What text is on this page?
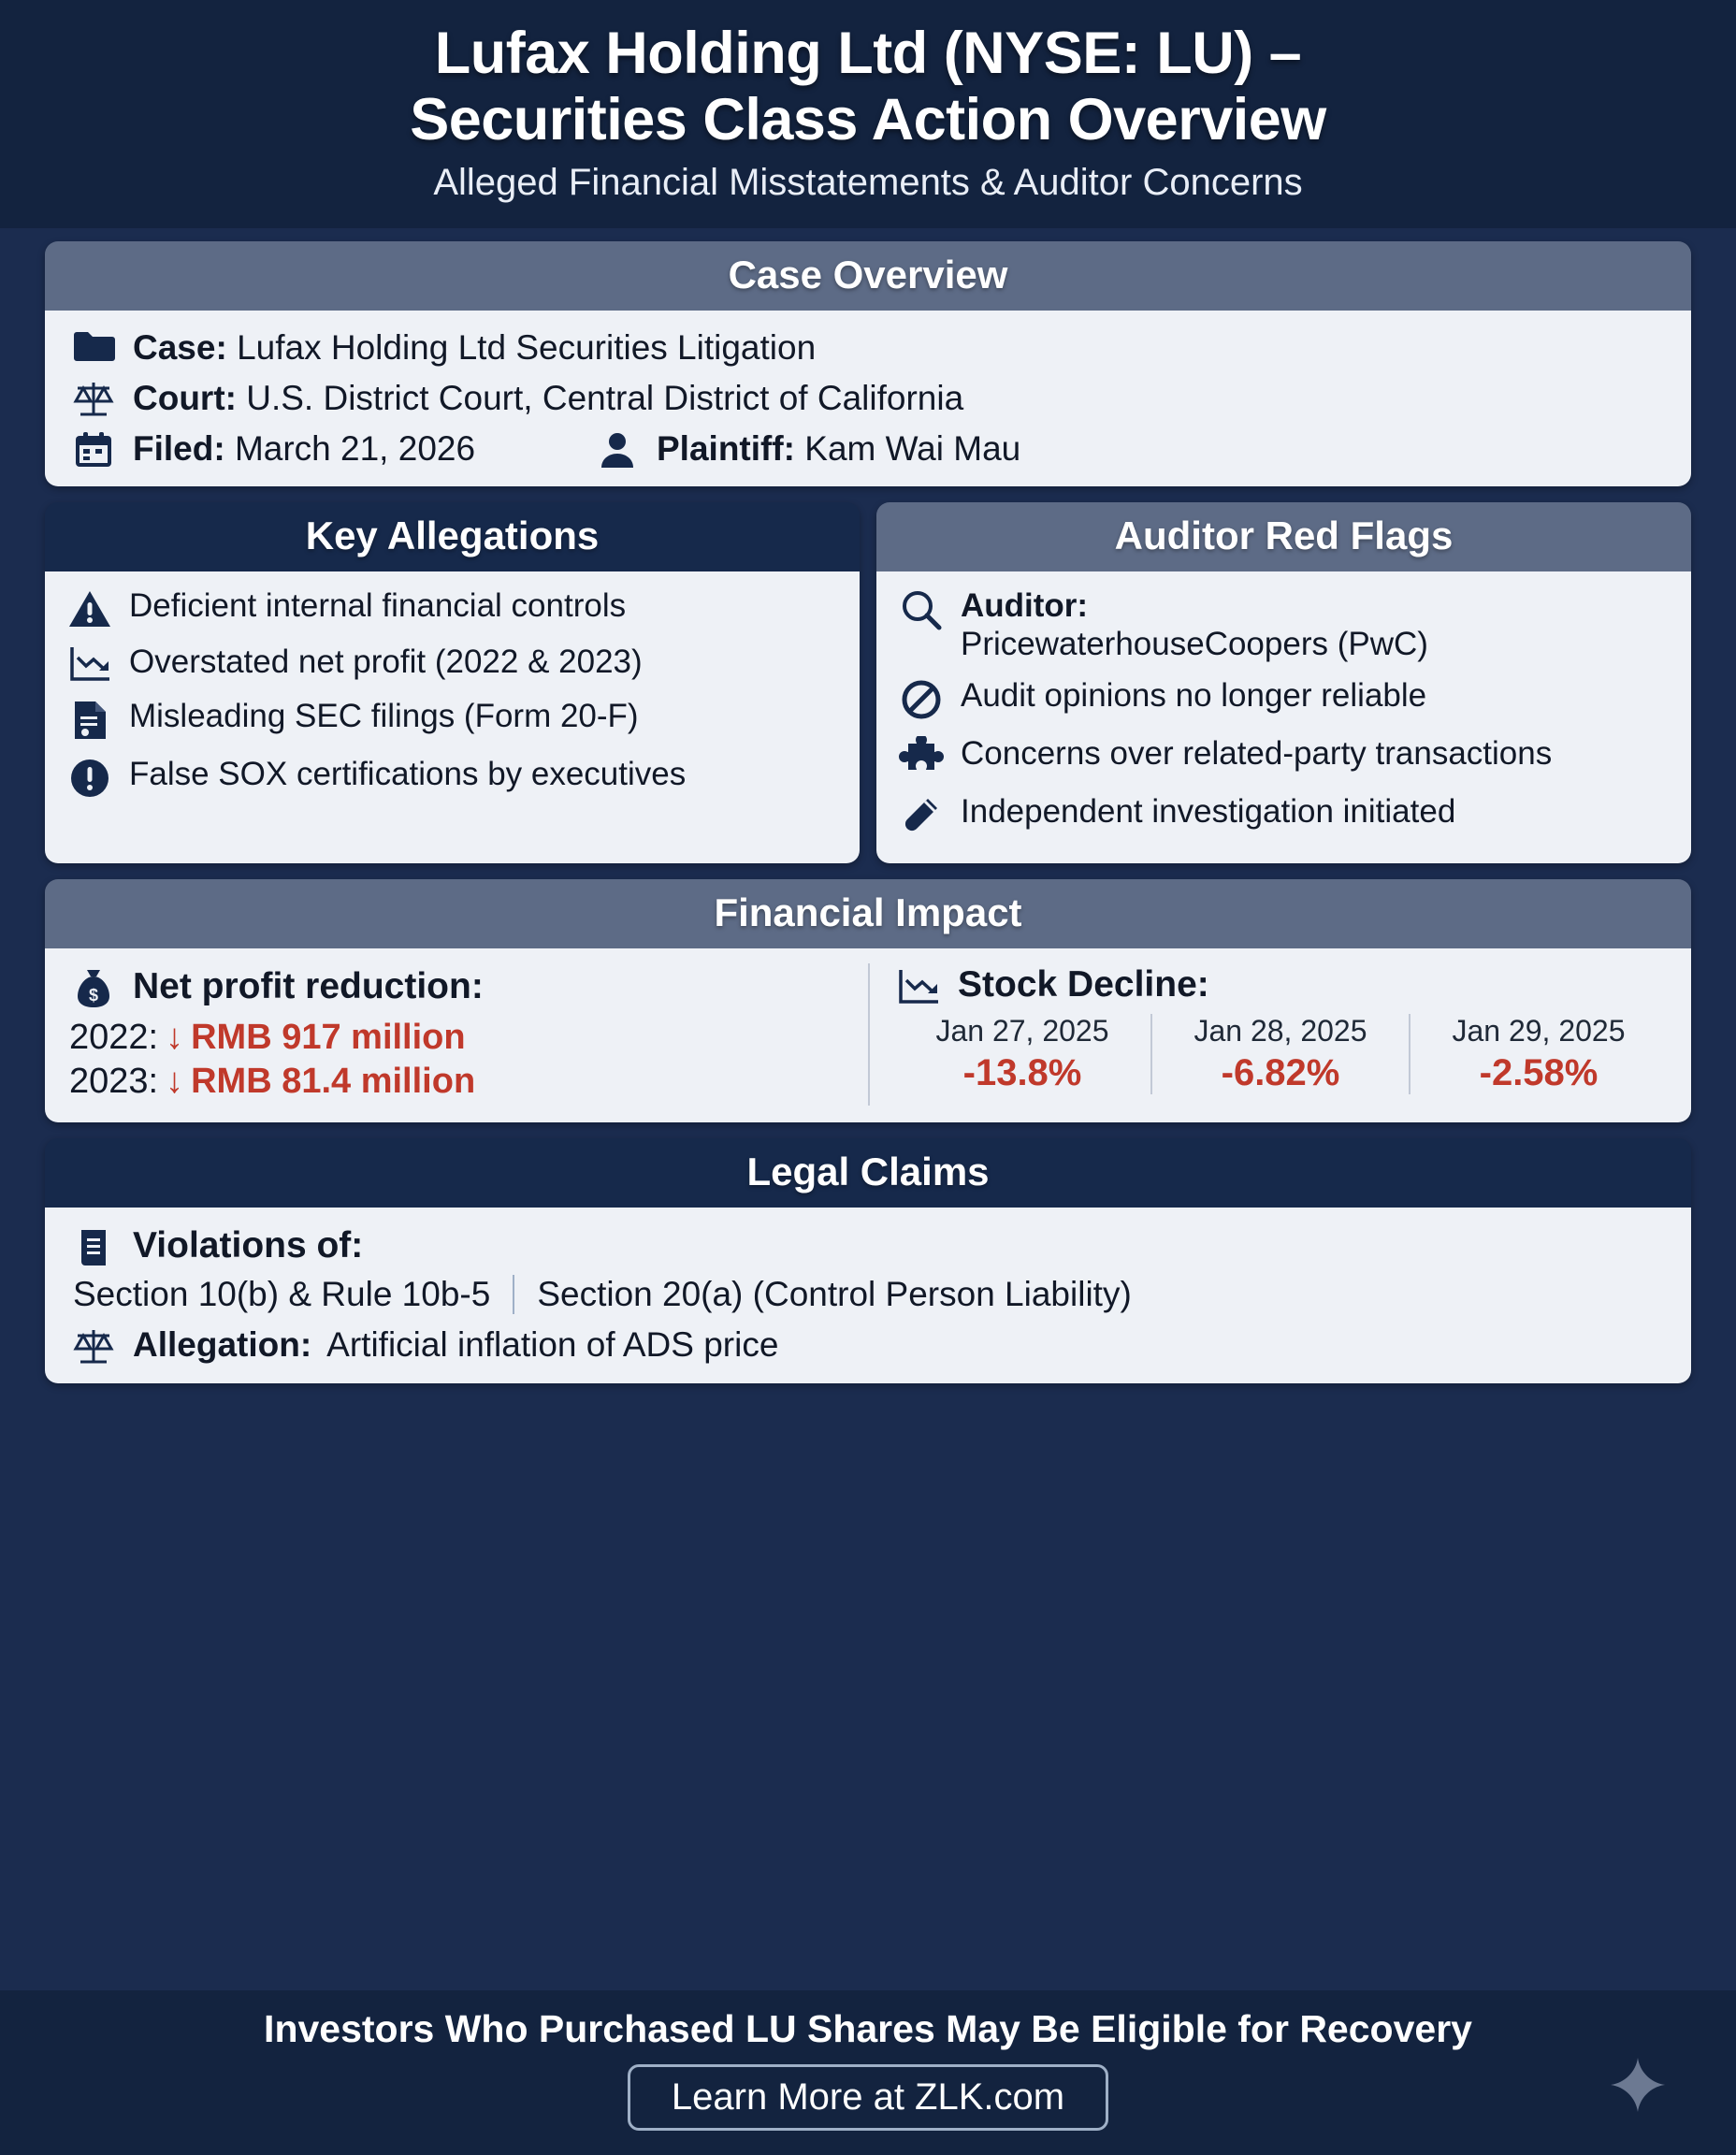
Lufax Holding Ltd (NYSE: LU) –
Securities Class Action Overview
Alleged Financial Misstatements & Auditor Concerns
Case Overview
Case: Lufax Holding Ltd Securities Litigation
Court: U.S. District Court, Central District of California
Filed: March 21, 2026	Plaintiff: Kam Wai Mau
Key Allegations
Deficient internal financial controls
Overstated net profit (2022 & 2023)
Misleading SEC filings (Form 20-F)
False SOX certifications by executives
Auditor Red Flags
Auditor:
PricewaterhouseCoopers (PwC)
Audit opinions no longer reliable
Concerns over related-party transactions
Independent investigation initiated
Financial Impact
$ Net profit reduction:
2022: ↓ RMB 917 million
2023: ↓ RMB 81.4 million
Stock Decline:
Jan 27, 2025
-13.8%
Jan 28, 2025
-6.82%
Jan 29, 2025
-2.58%
Legal Claims
Violations of:
Section 10(b) & Rule 10b-5	Section 20(a) (Control Person Liability)
Allegation: Artificial inflation of ADS price
Investors Who Purchased LU Shares May Be Eligible for Recovery
Learn More at ZLK.com
